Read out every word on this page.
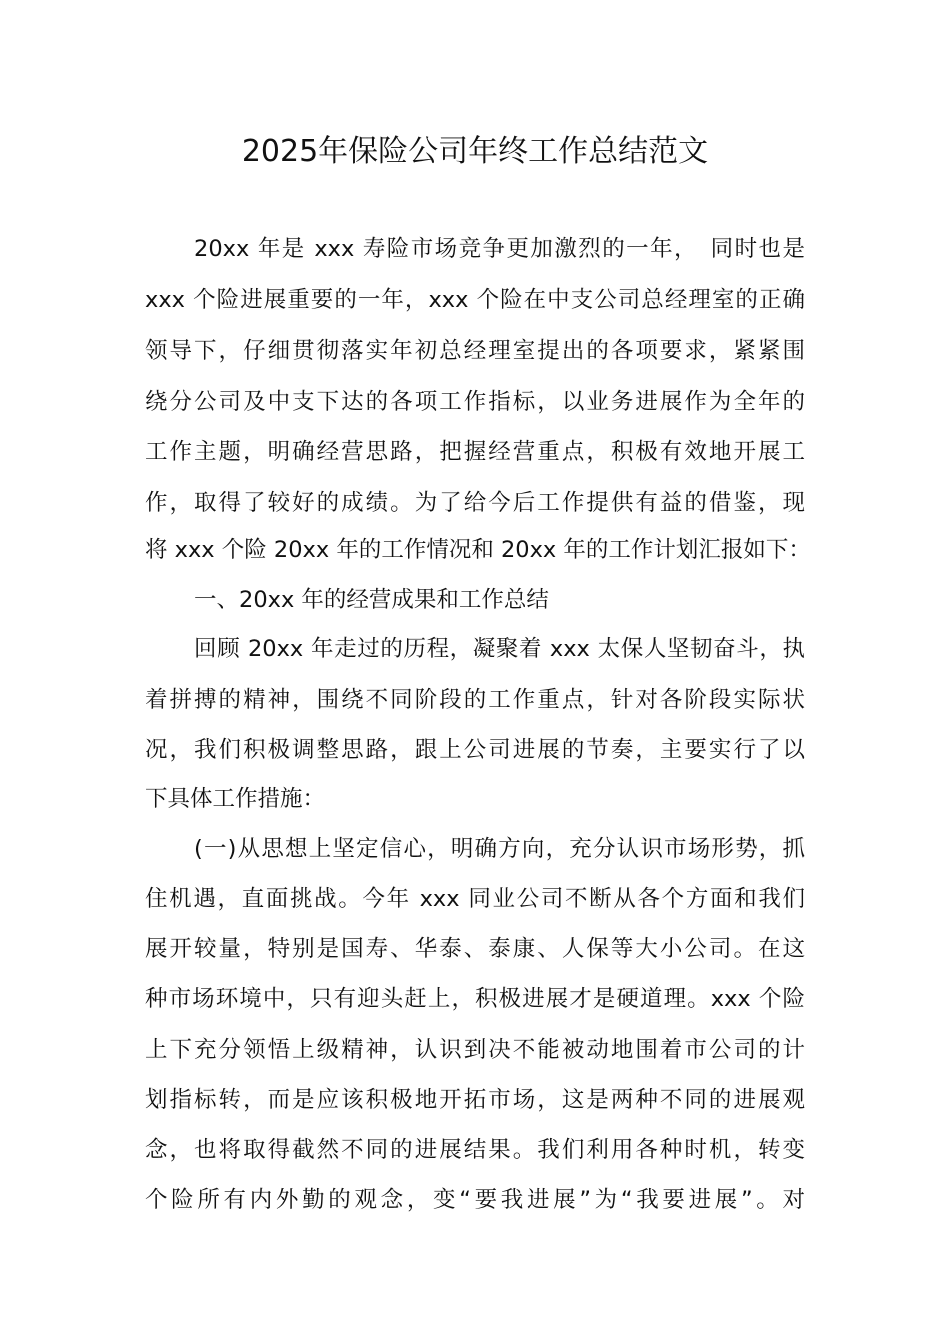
2025年保险公司年终工作总结范文
20xx 年是 xxx 寿险市场竞争更加激烈的一年，　同时也是
xxx 个险进展重要的一年，xxx 个险在中支公司总经理室的正确
领导下，仔细贯彻落实年初总经理室提出的各项要求，紧紧围
绕分公司及中支下达的各项工作指标，以业务进展作为全年的
工作主题，明确经营思路，把握经营重点，积极有效地开展工
作，取得了较好的成绩。为了给今后工作提供有益的借鉴，现
将 xxx 个险 20xx 年的工作情况和 20xx 年的工作计划汇报如下：
一、20xx 年的经营成果和工作总结
回顾 20xx 年走过的历程，凝聚着 xxx 太保人坚韧奋斗，执
着拼搏的精神，围绕不同阶段的工作重点，针对各阶段实际状
况，我们积极调整思路，跟上公司进展的节奏，主要实行了以
下具体工作措施：
(一)从思想上坚定信心，明确方向，充分认识市场形势，抓
住机遇，直面挑战。今年 xxx 同业公司不断从各个方面和我们
展开较量，特别是国寿、华泰、泰康、人保等大小公司。在这
种市场环境中，只有迎头赶上，积极进展才是硬道理。xxx 个险
上下充分领悟上级精神，认识到决不能被动地围着市公司的计
划指标转，而是应该积极地开拓市场，这是两种不同的进展观
念，也将取得截然不同的进展结果。我们利用各种时机，转变
个险所有内外勤的观念，变“要我进展”为“我要进展”。对
